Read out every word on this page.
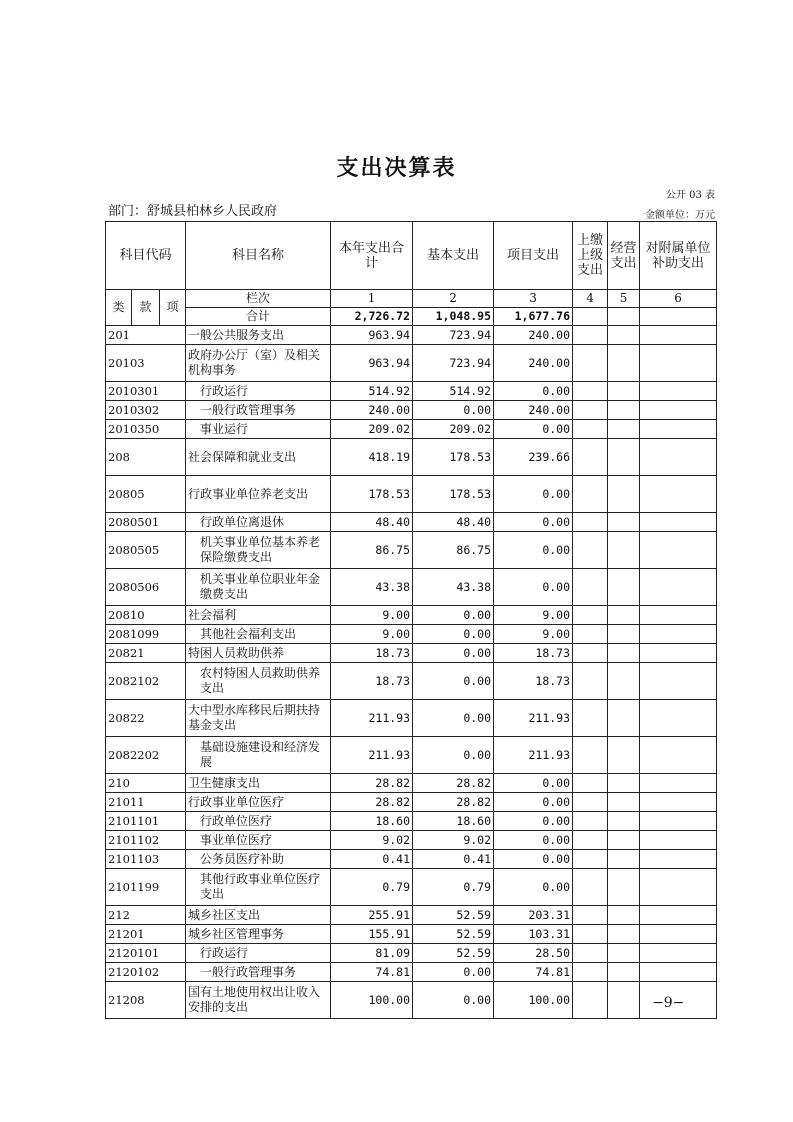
支出决算表
公开 03 表
部门：舒城县柏林乡人民政府	金额单位：万元
科目代码			科目名称	本年支出合计	基本支出	项目支出	上缴上级支出	经营支出	对附属单位补助支出
类	款	项	栏次	1	2	3	4	5	6
			合计	2,726.72	1,048.95	1,677.76			
201			一般公共服务支出	963.94	723.94	240.00			
20103			政府办公厅（室）及相关机构事务	963.94	723.94	240.00			
2010301			行政运行	514.92	514.92	0.00			
2010302			一般行政管理事务	240.00	0.00	240.00			
2010350			事业运行	209.02	209.02	0.00			
208			社会保障和就业支出	418.19	178.53	239.66			
20805			行政事业单位养老支出	178.53	178.53	0.00			
2080501			行政单位离退休	48.40	48.40	0.00			
2080505			机关事业单位基本养老保险缴费支出	86.75	86.75	0.00			
2080506			机关事业单位职业年金缴费支出	43.38	43.38	0.00			
20810			社会福利	9.00	0.00	9.00			
2081099			其他社会福利支出	9.00	0.00	9.00			
20821			特困人员救助供养	18.73	0.00	18.73			
2082102			农村特困人员救助供养支出	18.73	0.00	18.73			
20822			大中型水库移民后期扶持基金支出	211.93	0.00	211.93			
2082202			基础设施建设和经济发展	211.93	0.00	211.93			
210			卫生健康支出	28.82	28.82	0.00			
21011			行政事业单位医疗	28.82	28.82	0.00			
2101101			行政单位医疗	18.60	18.60	0.00			
2101102			事业单位医疗	9.02	9.02	0.00			
2101103			公务员医疗补助	0.41	0.41	0.00			
2101199			其他行政事业单位医疗支出	0.79	0.79	0.00			
212			城乡社区支出	255.91	52.59	203.31			
21201			城乡社区管理事务	155.91	52.59	103.31			
2120101			行政运行	81.09	52.59	28.50			
2120102			一般行政管理事务	74.81	0.00	74.81			
21208			国有土地使用权出让收入安排的支出	100.00	0.00	100.00				−9−
